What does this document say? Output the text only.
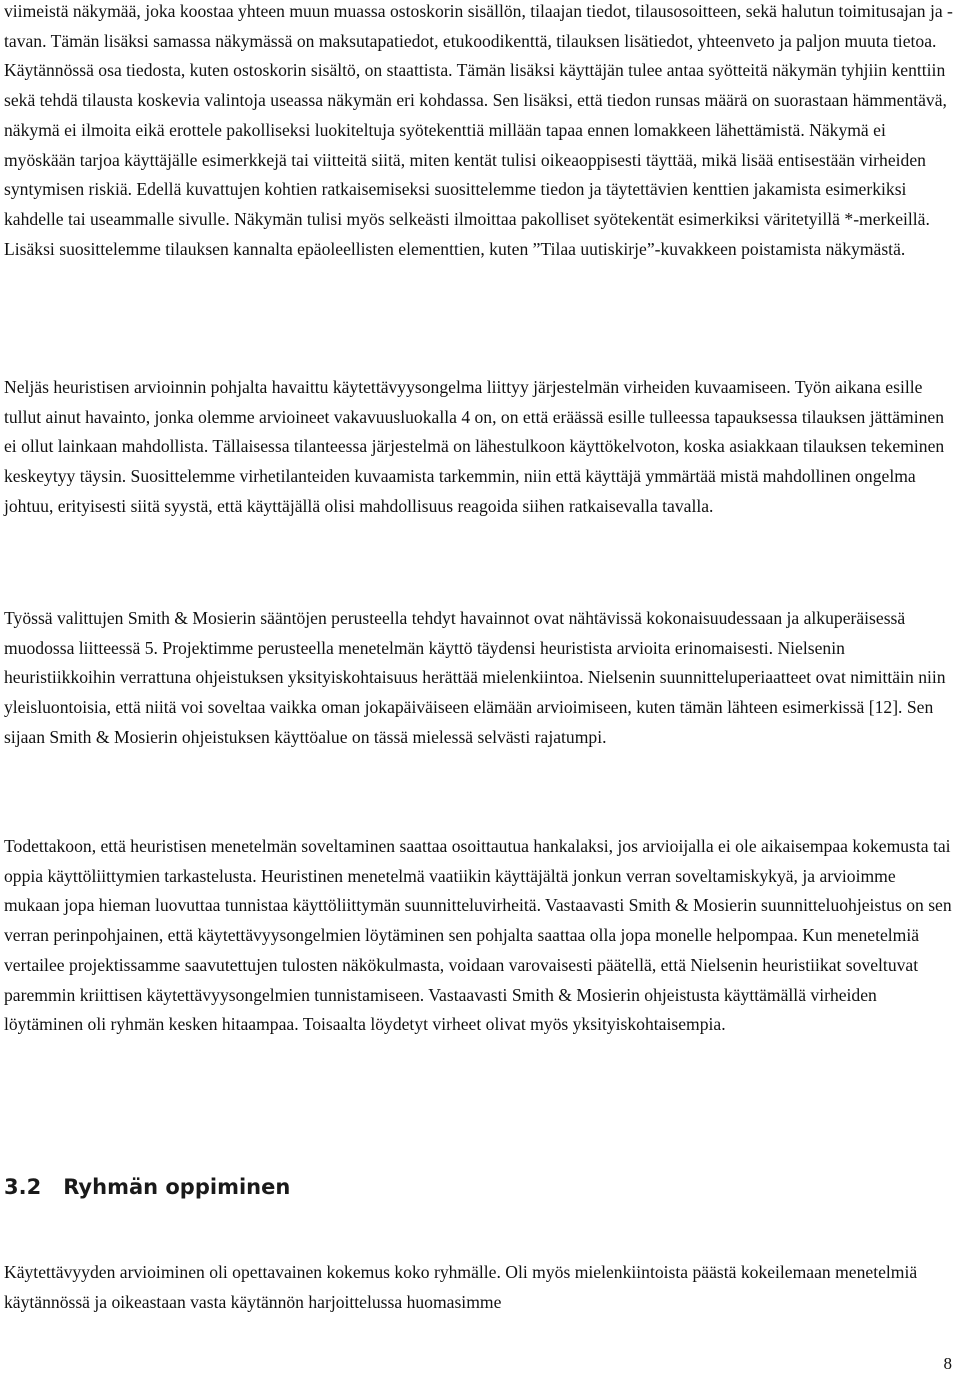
viimeistä näkymää, joka koostaa yhteen muun muassa ostoskorin sisällön, tilaajan tiedot, tilausosoitteen, sekä halutun toimitusajan ja -tavan. Tämän lisäksi samassa näkymässä on maksutapatiedot, etukoodikenttä, tilauksen lisätiedot, yhteenveto ja paljon muuta tietoa. Käytännössä osa tiedosta, kuten ostoskorin sisältö, on staattista. Tämän lisäksi käyttäjän tulee antaa syötteitä näkymän tyhjiin kenttiin sekä tehdä tilausta koskevia valintoja useassa näkymän eri kohdassa. Sen lisäksi, että tiedon runsas määrä on suorastaan hämmentävä, näkymä ei ilmoita eikä erottele pakolliseksi luokiteltuja syötekenttiä millään tapaa ennen lomakkeen lähettämistä. Näkymä ei myöskään tarjoa käyttäjälle esimerkkejä tai viitteitä siitä, miten kentät tulisi oikeaoppisesti täyttää, mikä lisää entisestään virheiden syntymisen riskiä. Edellä kuvattujen kohtien ratkaisemiseksi suosittelemme tiedon ja täytettävien kenttien jakamista esimerkiksi kahdelle tai useammalle sivulle. Näkymän tulisi myös selkeästi ilmoittaa pakolliset syötekentät esimerkiksi väritetyillä *-merkeillä. Lisäksi suosittelemme tilauksen kannalta epäoleellisten elementtien, kuten ”Tilaa uutiskirje”-kuvakkeen poistamista näkymästä.

Neljäs heuristisen arvioinnin pohjalta havaittu käytettävyysongelma liittyy järjestelmän virheiden kuvaamiseen. Työn aikana esille tullut ainut havainto, jonka olemme arvioineet vakavuusluokalla 4 on, on että eräässä esille tulleessa tapauksessa tilauksen jättäminen ei ollut lainkaan mahdollista. Tällaisessa tilanteessa järjestelmä on lähestulkoon käyttökelvoton, koska asiakkaan tilauksen tekeminen keskeytyy täysin. Suosittelemme virhetilanteiden kuvaamista tarkemmin, niin että käyttäjä ymmärtää mistä mahdollinen ongelma johtuu, erityisesti siitä syystä, että käyttäjällä olisi mahdollisuus reagoida siihen ratkaisevalla tavalla.

Työssä valittujen Smith & Mosierin sääntöjen perusteella tehdyt havainnot ovat nähtävissä kokonaisuudessaan ja alkuperäisessä muodossa liitteessä 5. Projektimme perusteella menetelmän käyttö täydensi heuristista arvioita erinomaisesti. Nielsenin heuristiikkoihin verrattuna ohjeistuksen yksityiskohtaisuus herättää mielenkiintoa. Nielsenin suunnitteluperiaatteet ovat nimittäin niin yleisluontoisia, että niitä voi soveltaa vaikka oman jokapäiväiseen elämään arvioimiseen, kuten tämän lähteen esimerkissä [12]. Sen sijaan Smith & Mosierin ohjeistuksen käyttöalue on tässä mielessä selvästi rajatumpi.

Todettakoon, että heuristisen menetelmän soveltaminen saattaa osoittautua hankalaksi, jos arvioijalla ei ole aikaisempaa kokemusta tai oppia käyttöliittymien tarkastelusta. Heuristinen menetelmä vaatiikin käyttäjältä jonkun verran soveltamiskykyä, ja arvioimme mukaan jopa hieman luovuttaa tunnistaa käyttöliittymän suunnitteluvirheitä. Vastaavasti Smith & Mosierin suunnitteluohjeistus on sen verran perinpohjainen, että käytettävyysongelmien löytäminen sen pohjalta saattaa olla jopa monelle helpompaa. Kun menetelmiä vertailee projektissamme saavutettujen tulosten näkökulmasta, voidaan varovaisesti päätellä, että Nielsenin heuristiikat soveltuvat paremmin kriittisen käytettävyysongelmien tunnistamiseen. Vastaavasti Smith & Mosierin ohjeistusta käyttämällä virheiden löytäminen oli ryhmän kesken hitaampaa. Toisaalta löydetyt virheet olivat myös yksityiskohtaisempia.

3.2 Ryhmän oppiminen

Käytettävyyden arvioiminen oli opettavainen kokemus koko ryhmälle. Oli myös mielenkiintoista päästä kokeilemaan menetelmiä käytännössä ja oikeastaan vasta käytännön harjoittelussa huomasimme

8
